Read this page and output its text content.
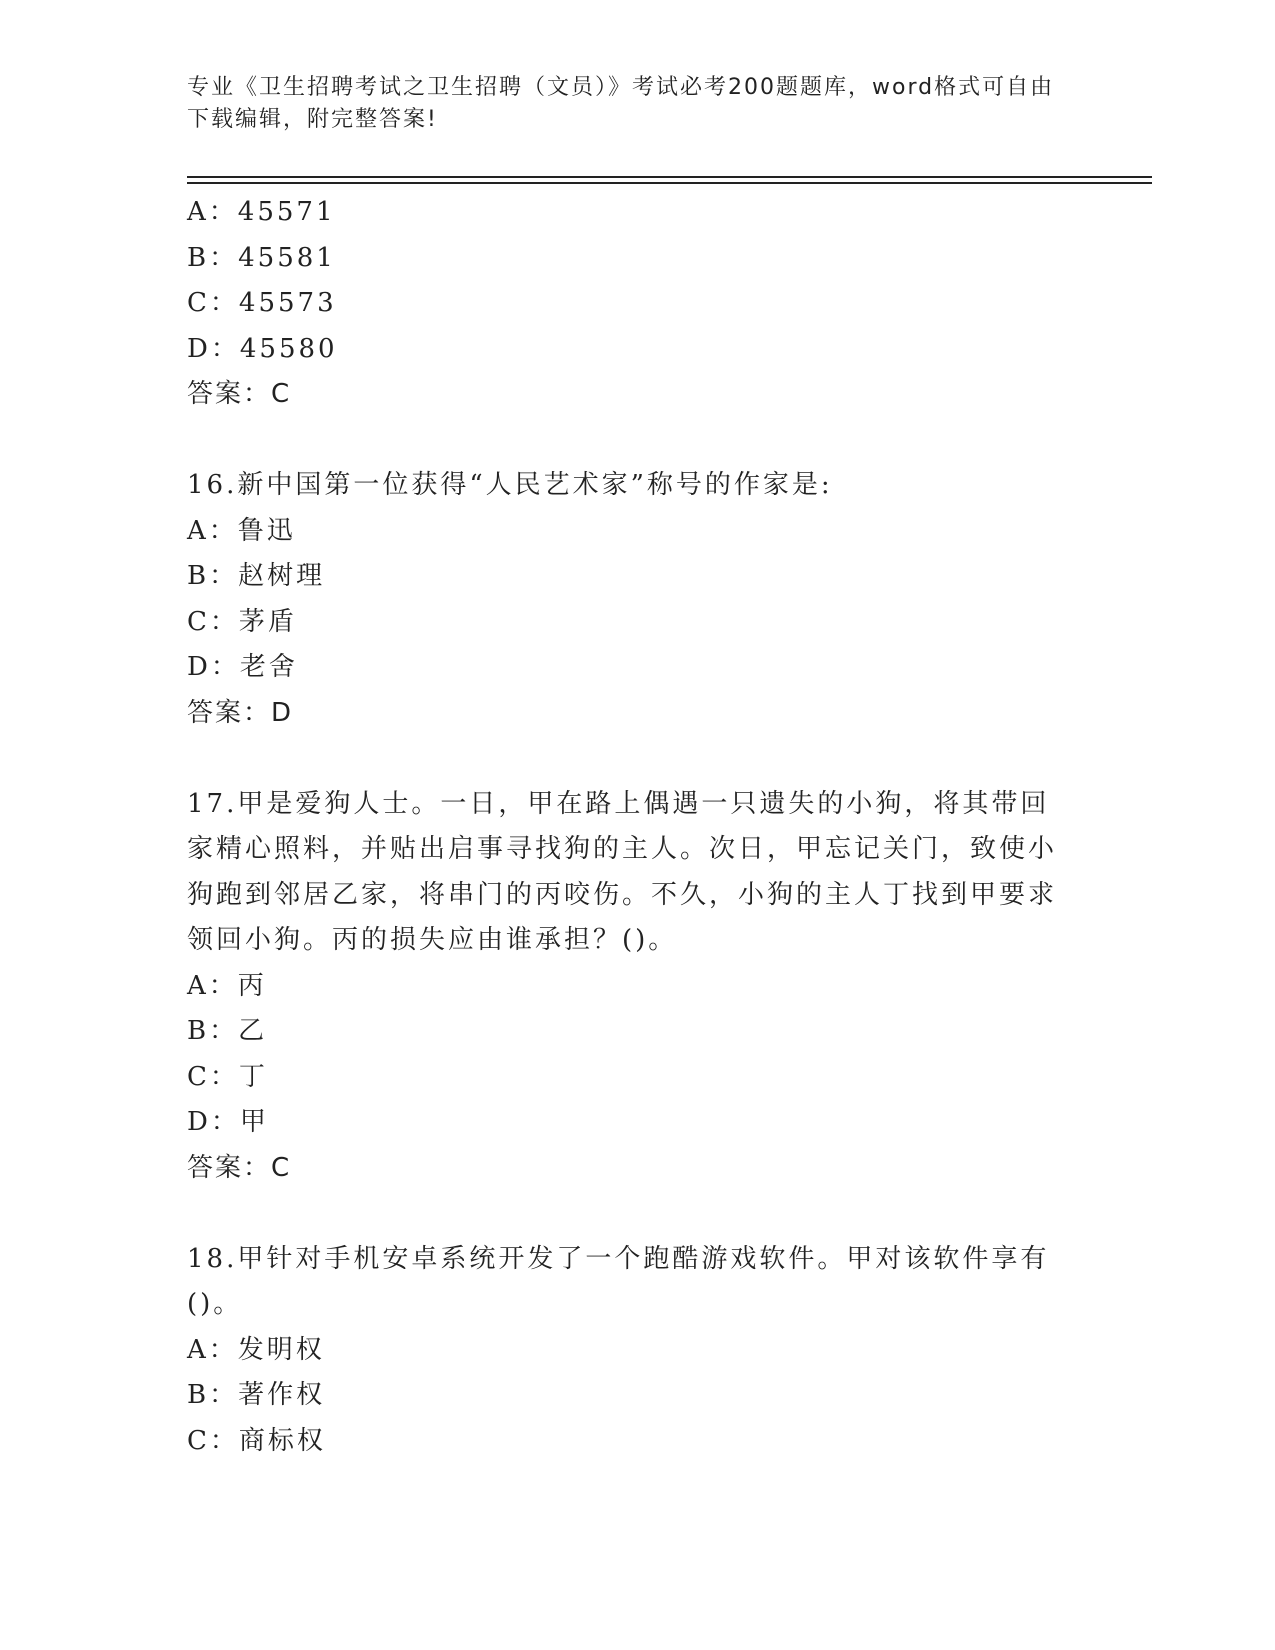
专业《卫生招聘考试之卫生招聘（文员）》考试必考200题题库，word格式可自由下载编辑，附完整答案!
A：45571
B：45581
C：45573
D：45580
答案：C
16.新中国第一位获得“人民艺术家”称号的作家是:
A：鲁迅
B：赵树理
C：茅盾
D：老舍
答案：D
17.甲是爱狗人士。一日，甲在路上偶遇一只遗失的小狗，将其带回家精心照料，并贴出启事寻找狗的主人。次日，甲忘记关门，致使小狗跑到邻居乙家，将串门的丙咬伤。不久，小狗的主人丁找到甲要求领回小狗。丙的损失应由谁承担？()。
A：丙
B：乙
C：丁
D：甲
答案：C
18.甲针对手机安卓系统开发了一个跑酷游戏软件。甲对该软件享有()。
A：发明权
B：著作权
C：商标权
